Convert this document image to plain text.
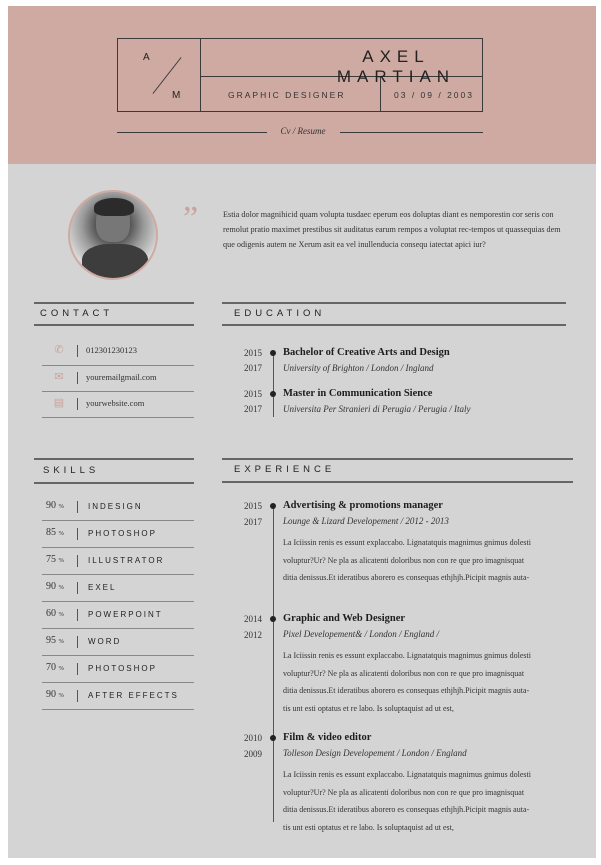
A
M
AXEL MARTIAN
GRAPHIC DESIGNER	03 / 09 / 2003
Cv / Resume
”	Estia dolor magnihicid quam volupta tusdaec eperum eos doluptas diant es nemporestin cor seris con remolut pratio maximet prestibus sit auditatus earum rempos a voluptat rec-tempos ut quassequias dem que odigenis autem ne Xerum asit ea vel inullenducia consequ iatectat apici iur?
CONTACT
✆	012301230123
✉	youremailgmail.com
▤	yourwebsite.com
SKILLS
90 %	INDESIGN
85 %	PHOTOSHOP
75 %	ILLUSTRATOR
90 %	EXEL
60 %	POWERPOINT
95 %	WORD
70 %	PHOTOSHOP
90 %	AFTER EFFECTS
EDUCATION
2015 Bachelor of Creative Arts and Design
2017 University of Brighton / London / Ingland
2015 Master in Communication Sience
2017 Universita Per Stranieri di Perugia / Perugia / Italy
EXPERIENCE
2015 Advertising & promotions manager
2017 Lounge & Lizard Developement / 2012 - 2013
La Iciissin renis es essunt explaccabo. Lignatatquis magnimus gnimus dolesti
voluptur?Ur? Ne pla as alicatenti doloribus non con re que pro imagnisquat
ditia denissus.Et ideratibus aborero es consequas ethjhjh.Picipit magnis auta-
2014 Graphic and Web Designer
2012 Pixel Developement& / London / England /
La Iciissin renis es essunt explaccabo. Lignatatquis magnimus gnimus dolesti
voluptur?Ur? Ne pla as alicatenti doloribus non con re que pro imagnisquat
ditia denissus.Et ideratibus aborero es consequas ethjhjh.Picipit magnis auta-
tis unt esti optatus et re labo. Is soluptaquist ad ut est,
2010 Film & video editor
2009 Tolleson Design Developement / London / England
La Iciissin renis es essunt explaccabo. Lignatatquis magnimus gnimus dolesti
voluptur?Ur? Ne pla as alicatenti doloribus non con re que pro imagnisquat
ditia denissus.Et ideratibus aborero es consequas ethjhjh.Picipit magnis auta-
tis unt esti optatus et re labo. Is soluptaquist ad ut est,
